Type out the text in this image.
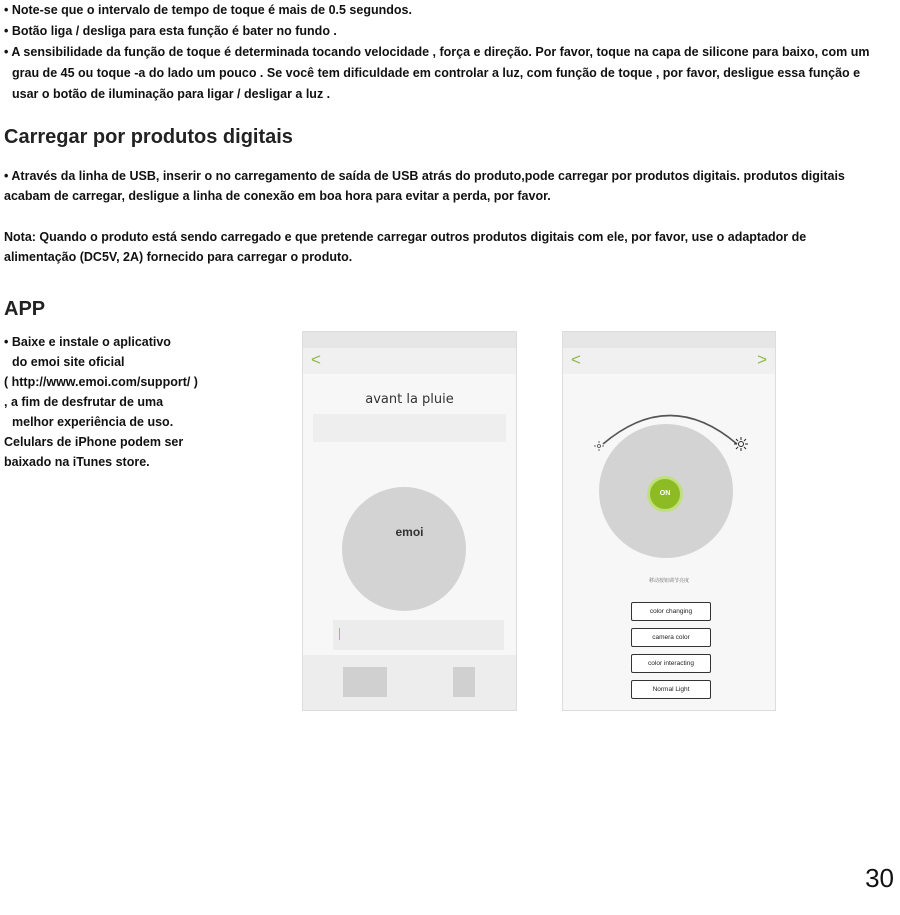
• Note-se que o intervalo de tempo de toque é mais de 0.5 segundos.
• Botão liga / desliga para esta função é bater no fundo .
• A sensibilidade da função de toque é determinada tocando velocidade , força e direção. Por favor, toque na capa de silicone para baixo, com um grau de 45 ou toque -a do lado um pouco . Se você tem dificuldade em controlar a luz, com função de toque , por favor, desligue essa função e usar o botão de iluminação para ligar / desligar a luz .
Carregar por produtos digitais
• Através da linha de USB, inserir o no carregamento de saída de USB atrás do produto,pode carregar por produtos digitais. produtos digitais acabam de carregar, desligue a linha de conexão em boa hora para evitar a perda, por favor.
Nota: Quando o produto está sendo carregado e que pretende carregar outros produtos digitais com ele, por favor, use o adaptador de alimentação (DC5V, 2A) fornecido para carregar o produto.
APP
• Baixe e instale o aplicativo
do emoi site oficial
( http://www.emoi.com/support/ )
, a fim de desfrutar de uma
melhor experiência de uso.
Celulars de iPhone podem ser
baixado na iTunes store.
<
avant la pluie
emoi
<	>
ON
移动按钮调节亮度
color changing
camera color
color interacting
Normal Light
30
